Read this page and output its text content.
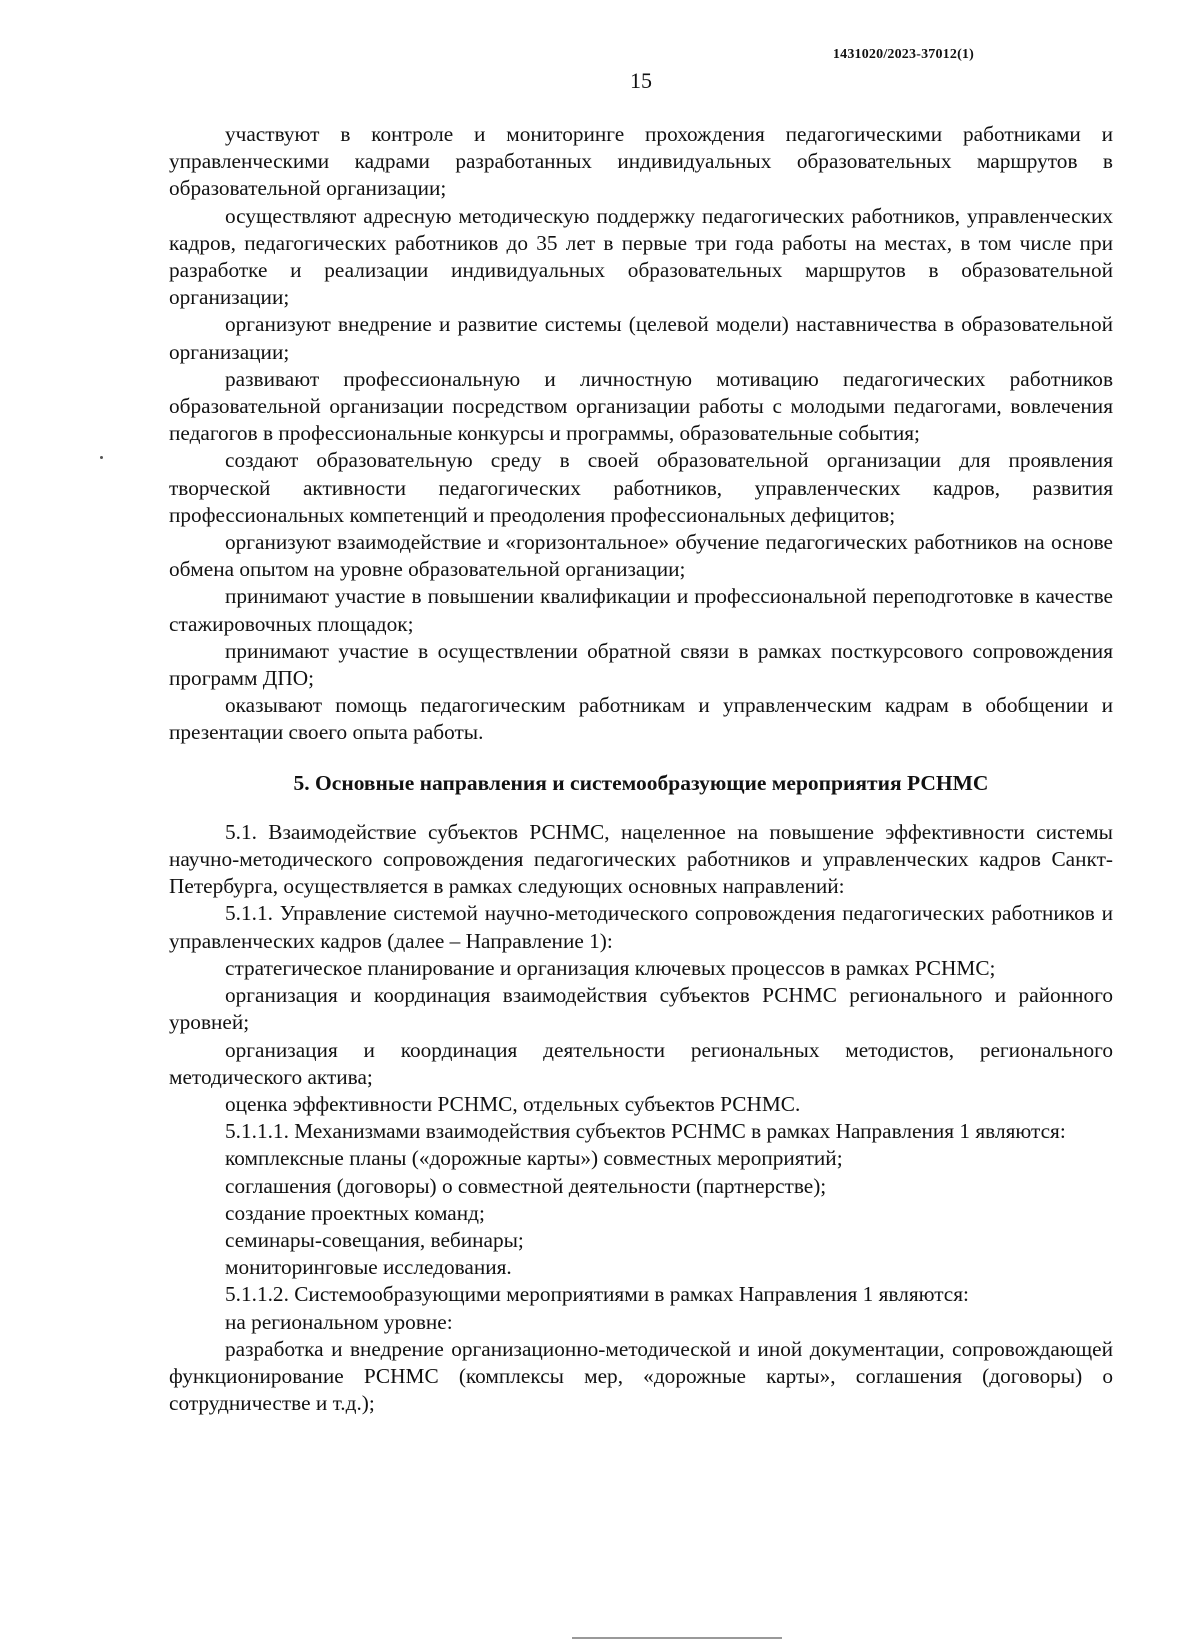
1431020/2023-37012(1)
15

участвуют в контроле и мониторинге прохождения педагогическими работниками и управленческими кадрами разработанных индивидуальных образовательных маршрутов в образовательной организации;

осуществляют адресную методическую поддержку педагогических работников, управленческих кадров, педагогических работников до 35 лет в первые три года работы на местах, в том числе при разработке и реализации индивидуальных образовательных маршрутов в образовательной организации;

организуют внедрение и развитие системы (целевой модели) наставничества в образовательной организации;

развивают профессиональную и личностную мотивацию педагогических работников образовательной организации посредством организации работы с молодыми педагогами, вовлечения педагогов в профессиональные конкурсы и программы, образовательные события;

создают образовательную среду в своей образовательной организации для проявления творческой активности педагогических работников, управленческих кадров, развития профессиональных компетенций и преодоления профессиональных дефицитов;

организуют взаимодействие и «горизонтальное» обучение педагогических работников на основе обмена опытом на уровне образовательной организации;

принимают участие в повышении квалификации и профессиональной переподготовке в качестве стажировочных площадок;

принимают участие в осуществлении обратной связи в рамках посткурсового сопровождения программ ДПО;

оказывают помощь педагогическим работникам и управленческим кадрам в обобщении и презентации своего опыта работы.

5. Основные направления и системообразующие мероприятия РСНМС

5.1. Взаимодействие субъектов РСНМС, нацеленное на повышение эффективности системы научно-методического сопровождения педагогических работников и управленческих кадров Санкт-Петербурга, осуществляется в рамках следующих основных направлений:

5.1.1. Управление системой научно-методического сопровождения педагогических работников и управленческих кадров (далее – Направление 1):

стратегическое планирование и организация ключевых процессов в рамках РСНМС;

организация и координация взаимодействия субъектов РСНМС регионального и районного уровней;

организация и координация деятельности региональных методистов, регионального методического актива;

оценка эффективности РСНМС, отдельных субъектов РСНМС.

5.1.1.1. Механизмами взаимодействия субъектов РСНМС в рамках Направления 1 являются:

комплексные планы («дорожные карты») совместных мероприятий;

соглашения (договоры) о совместной деятельности (партнерстве);

создание проектных команд;

семинары-совещания, вебинары;

мониторинговые исследования.

5.1.1.2. Системообразующими мероприятиями в рамках Направления 1 являются:

на региональном уровне:

разработка и внедрение организационно-методической и иной документации, сопровождающей функционирование РСНМС (комплексы мер, «дорожные карты», соглашения (договоры) о сотрудничестве и т.д.);
